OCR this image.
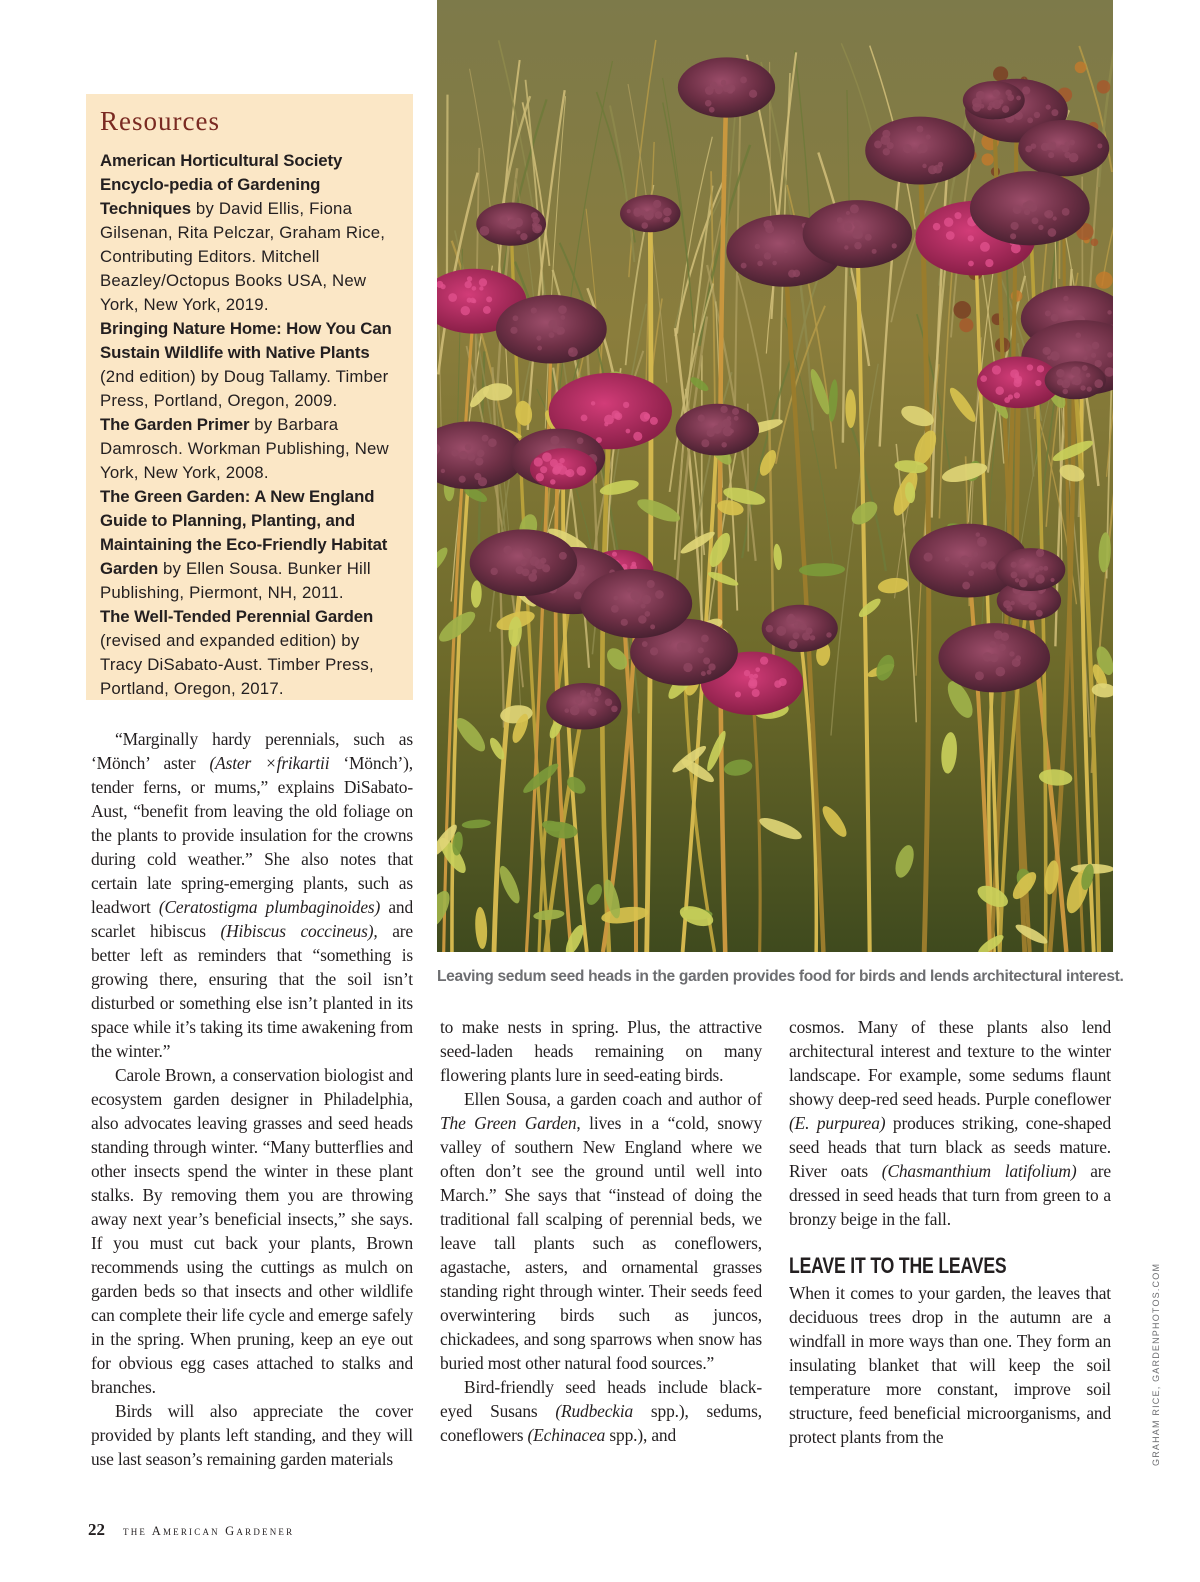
Resources

American Horticultural Society Encyclo-pedia of Gardening Techniques by David Ellis, Fiona Gilsenan, Rita Pelczar, Graham Rice, Contributing Editors. Mitchell Beazley/Octopus Books USA, New York, New York, 2019.

Bringing Nature Home: How You Can Sustain Wildlife with Native Plants (2nd edition) by Doug Tallamy. Timber Press, Portland, Oregon, 2009.

The Garden Primer by Barbara Damrosch. Workman Publishing, New York, New York, 2008.

The Green Garden: A New England Guide to Planning, Planting, and Maintaining the Eco-Friendly Habitat Garden by Ellen Sousa. Bunker Hill Publishing, Piermont, NH, 2011.

The Well-Tended Perennial Garden (revised and expanded edition) by Tracy DiSabato-Aust. Timber Press, Portland, Oregon, 2017.

Leaving sedum seed heads in the garden provides food for birds and lends architectural interest.
GRAHAM RICE, GARDENPHOTOS.COM

“Marginally hardy perennials, such as ‘Mönch’ aster (Aster ×frikartii ‘Mönch’), tender ferns, or mums,” explains DiSabato-Aust, “benefit from leaving the old foliage on the plants to provide insulation for the crowns during cold weather.” She also notes that certain late spring-emerging plants, such as leadwort (Ceratostigma plumbaginoides) and scarlet hibiscus (Hibiscus coccineus), are better left as reminders that “something is growing there, ensuring that the soil isn’t disturbed or something else isn’t planted in its space while it’s taking its time awakening from the winter.”

Carole Brown, a conservation biologist and ecosystem garden designer in Philadelphia, also advocates leaving grasses and seed heads standing through winter. “Many butterflies and other insects spend the winter in these plant stalks. By removing them you are throwing away next year’s beneficial insects,” she says. If you must cut back your plants, Brown recommends using the cuttings as mulch on garden beds so that insects and other wildlife can complete their life cycle and emerge safely in the spring. When pruning, keep an eye out for obvious egg cases attached to stalks and branches.

Birds will also appreciate the cover provided by plants left standing, and they will use last season’s remaining garden materials

to make nests in spring. Plus, the attractive seed-laden heads remaining on many flowering plants lure in seed-eating birds.

Ellen Sousa, a garden coach and author of The Green Garden, lives in a “cold, snowy valley of southern New England where we often don’t see the ground until well into March.” She says that “instead of doing the traditional fall scalping of perennial beds, we leave tall plants such as coneflowers, agastache, asters, and ornamental grasses standing right through winter. Their seeds feed overwintering birds such as juncos, chickadees, and song sparrows when snow has buried most other natural food sources.”

Bird-friendly seed heads include black-eyed Susans (Rudbeckia spp.), sedums, coneflowers (Echinacea spp.), and

cosmos. Many of these plants also lend architectural interest and texture to the winter landscape. For example, some sedums flaunt showy deep-red seed heads. Purple coneflower (E. purpurea) produces striking, cone-shaped seed heads that turn black as seeds mature. River oats (Chasmanthium latifolium) are dressed in seed heads that turn from green to a bronzy beige in the fall.

LEAVE IT TO THE LEAVES

When it comes to your garden, the leaves that deciduous trees drop in the autumn are a windfall in more ways than one. They form an insulating blanket that will keep the soil temperature more constant, improve soil structure, feed beneficial microorganisms, and protect plants from the

22 the American Gardener
